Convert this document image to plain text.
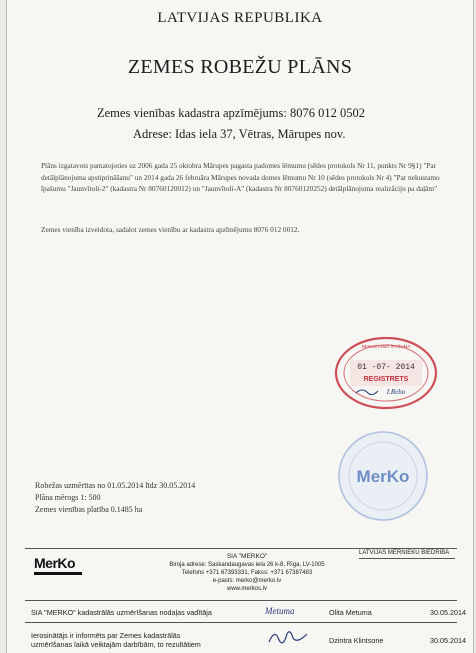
LATVIJAS REPUBLIKA
ZEMES ROBEŽU PLĀNS
Zemes vienības kadastra apzīmējums: 8076 012 0502
Adrese: Idas iela 37, Vētras, Mārupes nov.
Plāns izgatavots pamatojoties uz 2006 gada 25 oktobra Mārupes pagasta padomes lēmumu (sēdes protokols Nr 11, punkts Nr 9§1) "Par detālplānojuma apstiprināšanu" un 2014 gada 26 februāra Mārupes novada domes lēmumu Nr 10 (sēdes protokols Nr 4) "Par nekustamo īpašumu "Jaunvītoli-2" (kadastra Nr 80760120012) un "Jaunvītoli-A" (kadastra Nr 80760120252) detālplānojuma realizāciju pa daļām"
Zemes vienība izveidota, sadalot zemes vienību ar kadastra apzīmējumu 8076 012 0012.
NEKUSTAMĀ ĪPAŠUMA
01 -07- 2014
REGISTRETS
I.Rebo
MerKo
Robežas uzmērītas no 01.05.2014 līdz 30.05.2014
Plāna mērogs 1: 500
Zemes vienības platība 0.1485 ha
MerKo	SIA "MERKO"
Biroja adrese: Saskandaugavas iela 26 k-8, Rīga, LV-1005
Telefons +371 67393331, Fakss: +371 67387483
e-pasts: merko@merko.lv
www.merkos.lv
LATVIJAS MĒRNIEKU BIEDRĪBA
SIA "MERKO" kadastrālās uzmērīšanas nodaļas vadītāja	Metuma	Olita Metuma	30.05.2014
Ierosinātājs ir informēts par Zemes kadastrālās
uzmērīšanas laikā veiktajām darbībām, to rezultātiem	Dzintra Klintsone	30.05.2014
